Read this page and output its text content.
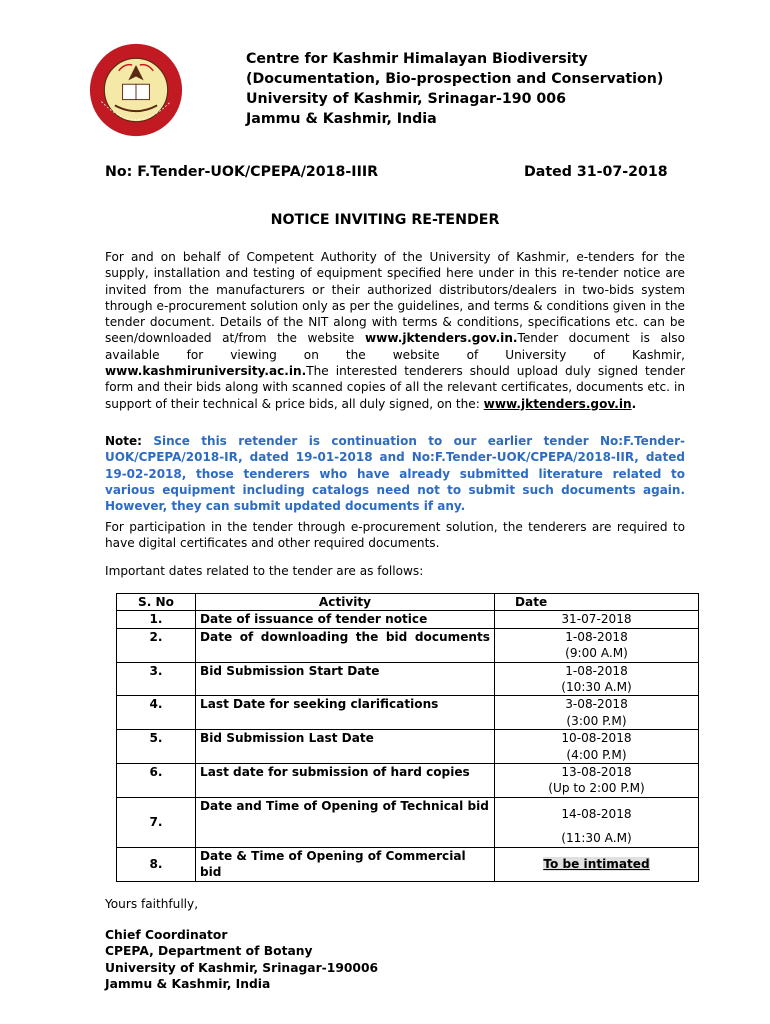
Centre for Kashmir Himalayan Biodiversity
(Documentation, Bio-prospection and Conservation)
University of Kashmir, Srinagar-190 006
Jammu & Kashmir, India
No: F.Tender-UOK/CPEPA/2018-IIIR	Dated 31-07-2018
NOTICE INVITING RE-TENDER
For and on behalf of Competent Authority of the University of Kashmir, e-tenders for the supply, installation and testing of equipment specified here under in this re-tender notice are invited from the manufacturers or their authorized distributors/dealers in two-bids system through e-procurement solution only as per the guidelines, and terms & conditions given in the tender document. Details of the NIT along with terms & conditions, specifications etc. can be seen/downloaded at/from the website www.jktenders.gov.in.Tender document is also available for viewing on the website of University of Kashmir, www.kashmiruniversity.ac.in.The interested tenderers should upload duly signed tender form and their bids along with scanned copies of all the relevant certificates, documents etc. in support of their technical & price bids, all duly signed, on the: www.jktenders.gov.in.
Note: Since this retender is continuation to our earlier tender No:F.Tender-UOK/CPEPA/2018-IR, dated 19-01-2018 and No:F.Tender-UOK/CPEPA/2018-IIR, dated 19-02-2018, those tenderers who have already submitted literature related to various equipment including catalogs need not to submit such documents again. However, they can submit updated documents if any.
For participation in the tender through e-procurement solution, the tenderers are required to have digital certificates and other required documents.
Important dates related to the tender are as follows:
S. No	Activity	Date
1.	Date of issuance of tender notice	31-07-2018

2.	Date of downloading the bid documents	1-08-2018
(9:00 A.M)

3.	Bid Submission Start Date	1-08-2018
(10:30 A.M)

4.	Last Date for seeking clarifications	3-08-2018
(3:00 P.M)

5.	Bid Submission Last Date	10-08-2018
(4:00 P.M)

6.	Last date for submission of hard copies	13-08-2018
(Up to 2:00 P.M)

7.	Date and Time of Opening of Technical bid	14-08-2018
(11:30 A.M)

8.	Date & Time of Opening of Commercial bid	To be intimated
Yours faithfully,
Chief Coordinator
CPEPA, Department of Botany
University of Kashmir, Srinagar-190006
Jammu & Kashmir, India
